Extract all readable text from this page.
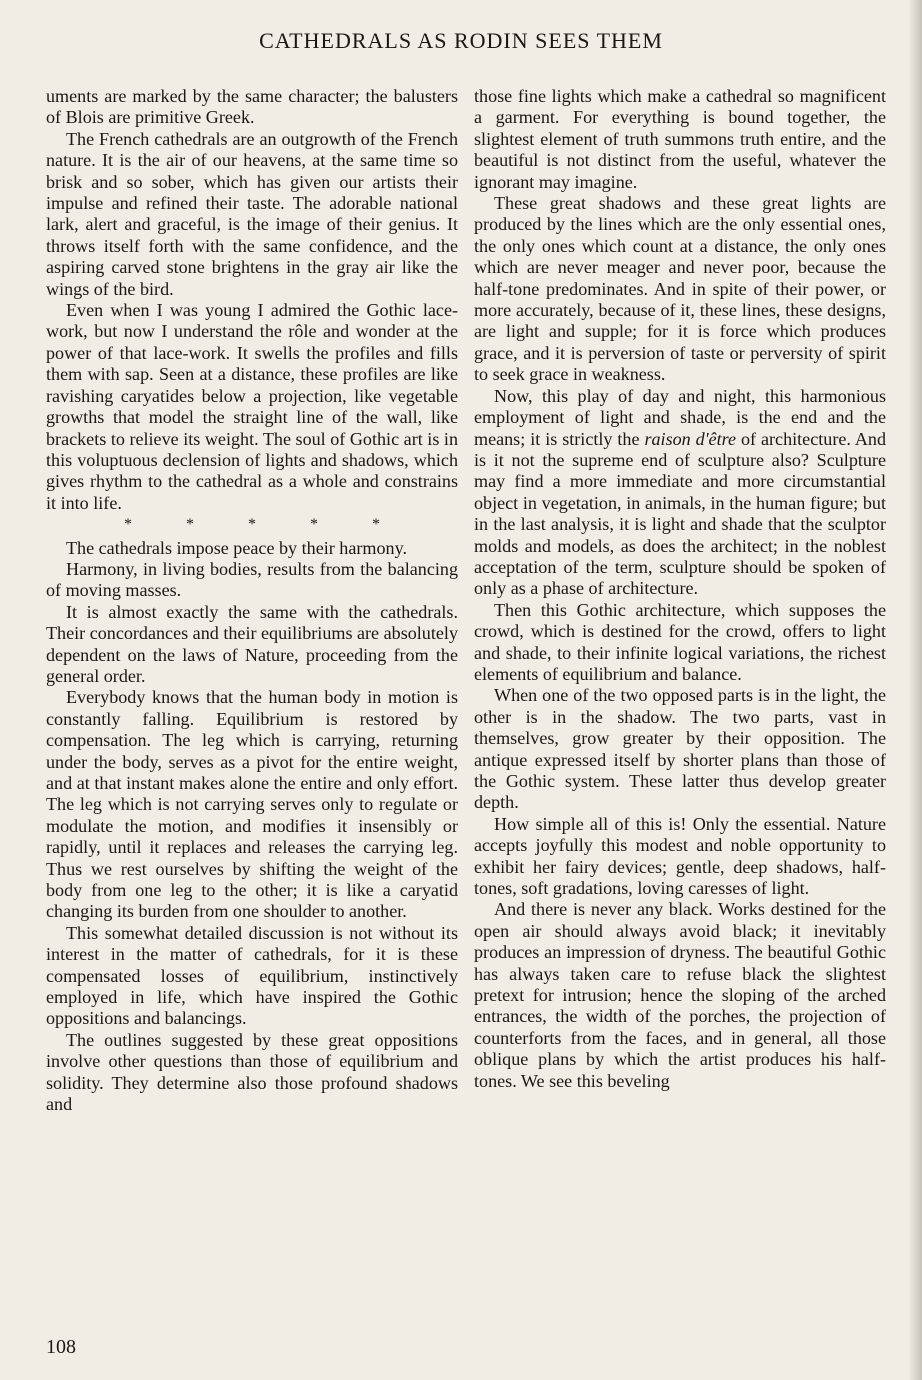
CATHEDRALS AS RODIN SEES THEM

uments are marked by the same character; the balusters of Blois are primitive Greek.

The French cathedrals are an outgrowth of the French nature. It is the air of our heavens, at the same time so brisk and so sober, which has given our artists their impulse and refined their taste. The adorable national lark, alert and graceful, is the image of their genius. It throws itself forth with the same confidence, and the aspiring carved stone brightens in the gray air like the wings of the bird.

Even when I was young I admired the Gothic lace-work, but now I understand the rôle and wonder at the power of that lace-work. It swells the profiles and fills them with sap. Seen at a distance, these profiles are like ravishing caryatides below a projection, like vegetable growths that model the straight line of the wall, like brackets to relieve its weight. The soul of Gothic art is in this voluptuous declension of lights and shadows, which gives rhythm to the cathedral as a whole and constrains it into life.

* * * * *

The cathedrals impose peace by their harmony.

Harmony, in living bodies, results from the balancing of moving masses.

It is almost exactly the same with the cathedrals. Their concordances and their equilibriums are absolutely dependent on the laws of Nature, proceeding from the general order.

Everybody knows that the human body in motion is constantly falling. Equilibrium is restored by compensation. The leg which is carrying, returning under the body, serves as a pivot for the entire weight, and at that instant makes alone the entire and only effort. The leg which is not carrying serves only to regulate or modulate the motion, and modifies it insensibly or rapidly, until it replaces and releases the carrying leg. Thus we rest ourselves by shifting the weight of the body from one leg to the other; it is like a caryatid changing its burden from one shoulder to another.

This somewhat detailed discussion is not without its interest in the matter of cathedrals, for it is these compensated losses of equilibrium, instinctively employed in life, which have inspired the Gothic oppositions and balancings.

The outlines suggested by these great oppositions involve other questions than those of equilibrium and solidity. They determine also those profound shadows and

those fine lights which make a cathedral so magnificent a garment. For everything is bound together, the slightest element of truth summons truth entire, and the beautiful is not distinct from the useful, whatever the ignorant may imagine.

These great shadows and these great lights are produced by the lines which are the only essential ones, the only ones which count at a distance, the only ones which are never meager and never poor, because the half-tone predominates. And in spite of their power, or more accurately, because of it, these lines, these designs, are light and supple; for it is force which produces grace, and it is perversion of taste or perversity of spirit to seek grace in weakness.

Now, this play of day and night, this harmonious employment of light and shade, is the end and the means; it is strictly the raison d'être of architecture. And is it not the supreme end of sculpture also? Sculpture may find a more immediate and more circumstantial object in vegetation, in animals, in the human figure; but in the last analysis, it is light and shade that the sculptor molds and models, as does the architect; in the noblest acceptation of the term, sculpture should be spoken of only as a phase of architecture.

Then this Gothic architecture, which supposes the crowd, which is destined for the crowd, offers to light and shade, to their infinite logical variations, the richest elements of equilibrium and balance.

When one of the two opposed parts is in the light, the other is in the shadow. The two parts, vast in themselves, grow greater by their opposition. The antique expressed itself by shorter plans than those of the Gothic system. These latter thus develop greater depth.

How simple all of this is! Only the essential. Nature accepts joyfully this modest and noble opportunity to exhibit her fairy devices; gentle, deep shadows, half-tones, soft gradations, loving caresses of light.

And there is never any black. Works destined for the open air should always avoid black; it inevitably produces an impression of dryness. The beautiful Gothic has always taken care to refuse black the slightest pretext for intrusion; hence the sloping of the arched entrances, the width of the porches, the projection of counterforts from the faces, and in general, all those oblique plans by which the artist produces his half-tones. We see this beveling

108
